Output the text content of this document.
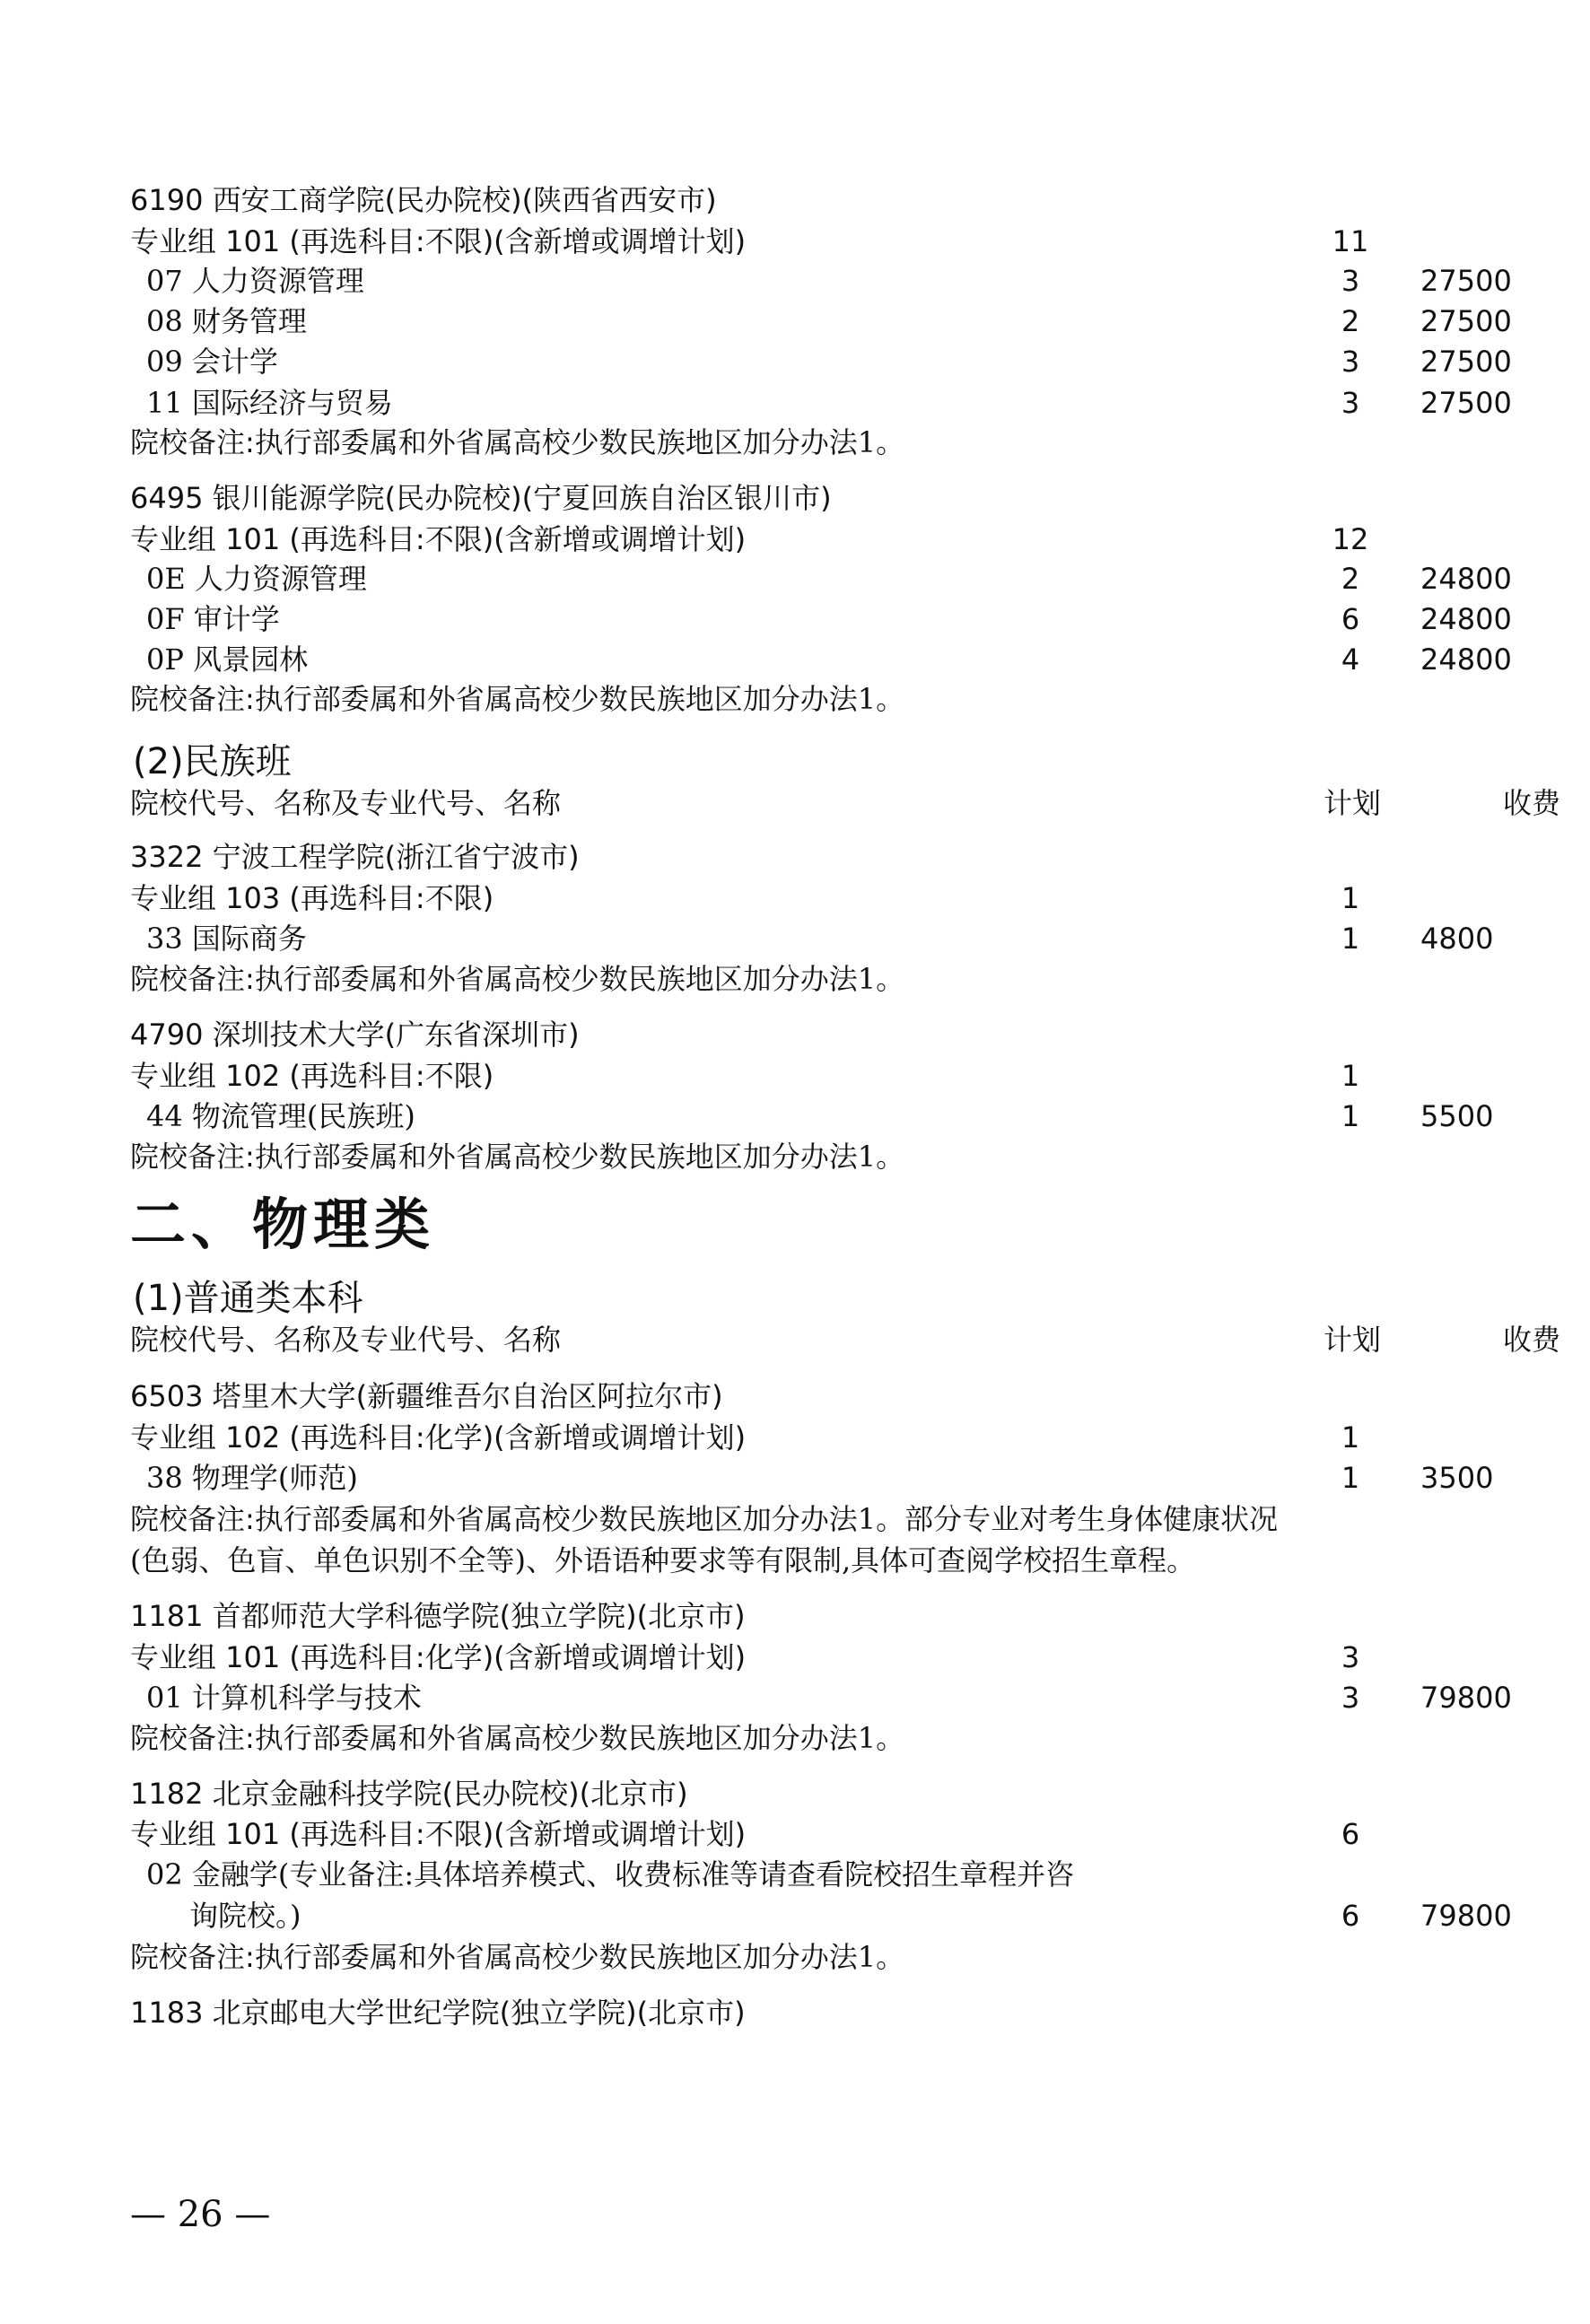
6190 西安工商学院(民办院校)(陕西省西安市)
专业组 101 (再选科目:不限)(含新增或调增计划)	11
07 人力资源管理	3	27500
08 财务管理	2	27500
09 会计学	3	27500
11 国际经济与贸易	3	27500
院校备注:执行部委属和外省属高校少数民族地区加分办法1。
6495 银川能源学院(民办院校)(宁夏回族自治区银川市)
专业组 101 (再选科目:不限)(含新增或调增计划)	12
0E 人力资源管理	2	24800
0F 审计学	6	24800
0P 风景园林	4	24800
院校备注:执行部委属和外省属高校少数民族地区加分办法1。
(2)民族班
院校代号、名称及专业代号、名称	计划	收费
3322 宁波工程学院(浙江省宁波市)
专业组 103 (再选科目:不限)	1
33 国际商务	1	4800
院校备注:执行部委属和外省属高校少数民族地区加分办法1。
4790 深圳技术大学(广东省深圳市)
专业组 102 (再选科目:不限)	1
44 物流管理(民族班)	1	5500
院校备注:执行部委属和外省属高校少数民族地区加分办法1。
二、物理类
(1)普通类本科
院校代号、名称及专业代号、名称	计划	收费
6503 塔里木大学(新疆维吾尔自治区阿拉尔市)
专业组 102 (再选科目:化学)(含新增或调增计划)	1
38 物理学(师范)	1	3500
院校备注:执行部委属和外省属高校少数民族地区加分办法1。部分专业对考生身体健康状况
(色弱、色盲、单色识别不全等)、外语语种要求等有限制,具体可查阅学校招生章程。
1181 首都师范大学科德学院(独立学院)(北京市)
专业组 101 (再选科目:化学)(含新增或调增计划)	3
01 计算机科学与技术	3	79800
院校备注:执行部委属和外省属高校少数民族地区加分办法1。
1182 北京金融科技学院(民办院校)(北京市)
专业组 101 (再选科目:不限)(含新增或调增计划)	6
02 金融学(专业备注:具体培养模式、收费标准等请查看院校招生章程并咨
询院校。)	6	79800
院校备注:执行部委属和外省属高校少数民族地区加分办法1。
1183 北京邮电大学世纪学院(独立学院)(北京市)
— 26 —
